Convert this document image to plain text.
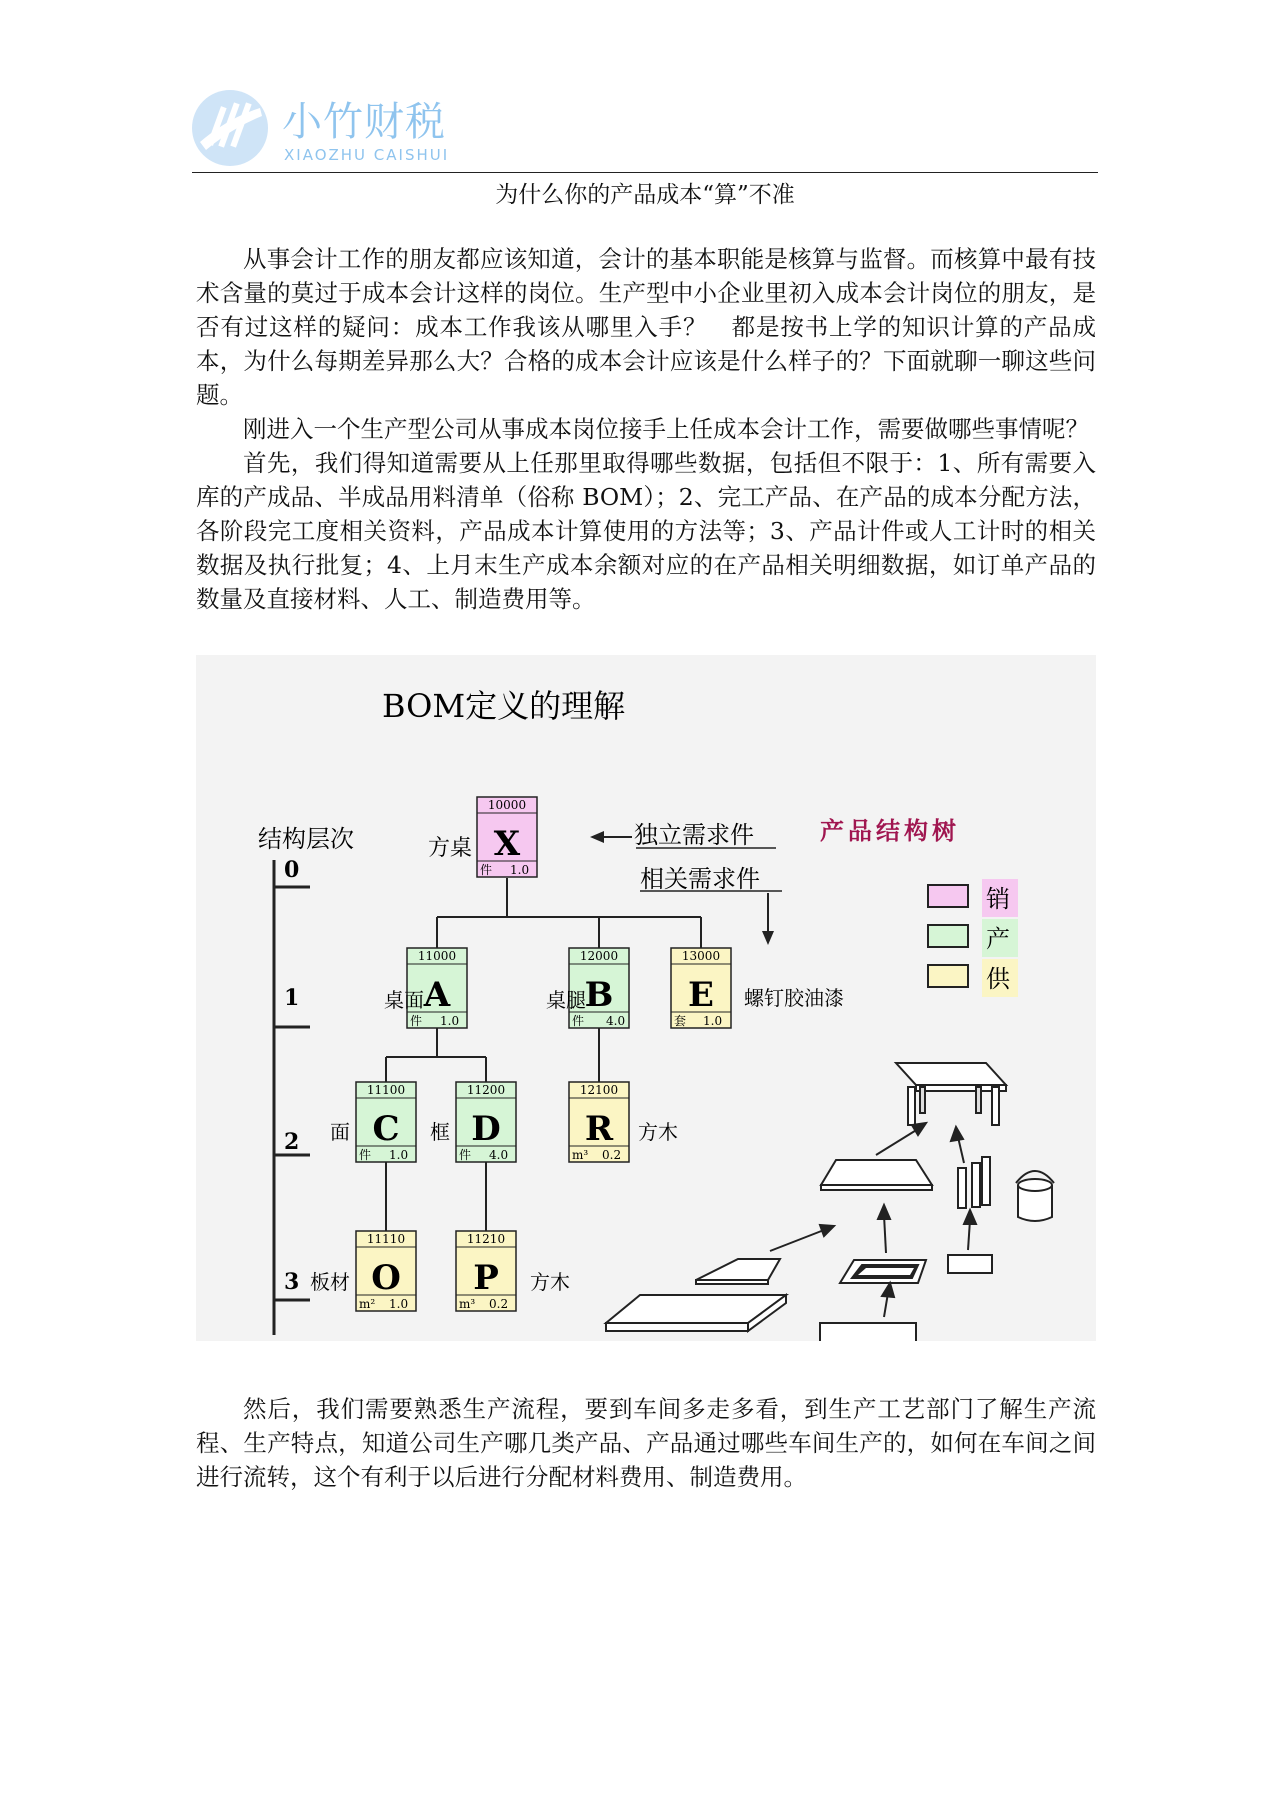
小竹财税
XIAOZHU CAISHUI
为什么你的产品成本“算”不准

从事会计工作的朋友都应该知道，会计的基本职能是核算与监督。而核算中最有技术含量的莫过于成本会计这样的岗位。生产型中小企业里初入成本会计岗位的朋友，是否有过这样的疑问：成本工作我该从哪里入手？　都是按书上学的知识计算的产品成本，为什么每期差异那么大？合格的成本会计应该是什么样子的？下面就聊一聊这些问题。

刚进入一个生产型公司从事成本岗位接手上任成本会计工作，需要做哪些事情呢？

首先，我们得知道需要从上任那里取得哪些数据，包括但不限于：1、所有需要入库的产成品、半成品用料清单（俗称 BOM）；2、完工产品、在产品的成本分配方法，各阶段完工度相关资料，产品成本计算使用的方法等；3、产品计件或人工计时的相关数据及执行批复；4、上月末生产成本余额对应的在产品相关明细数据，如订单产品的数量及直接材料、人工、制造费用等。

BOM定义的理解
结构层次
0
1
2
3
独立需求件
相关需求件
产品结构树
销
产
供
10000
X
件 1.0
方桌
11000
A
件 1.0
桌面
12000
B
件 4.0
桌腿
13000
E
套 1.0
螺钉胶油漆
11100
C
件 1.0
面
11200
D
件 4.0
框
12100
R
m³ 0.2
方木
11110
O
m² 1.0
板材
11210
P
m³ 0.2
方木

然后，我们需要熟悉生产流程，要到车间多走多看，到生产工艺部门了解生产流程、生产特点，知道公司生产哪几类产品、产品通过哪些车间生产的，如何在车间之间进行流转，这个有利于以后进行分配材料费用、制造费用。
